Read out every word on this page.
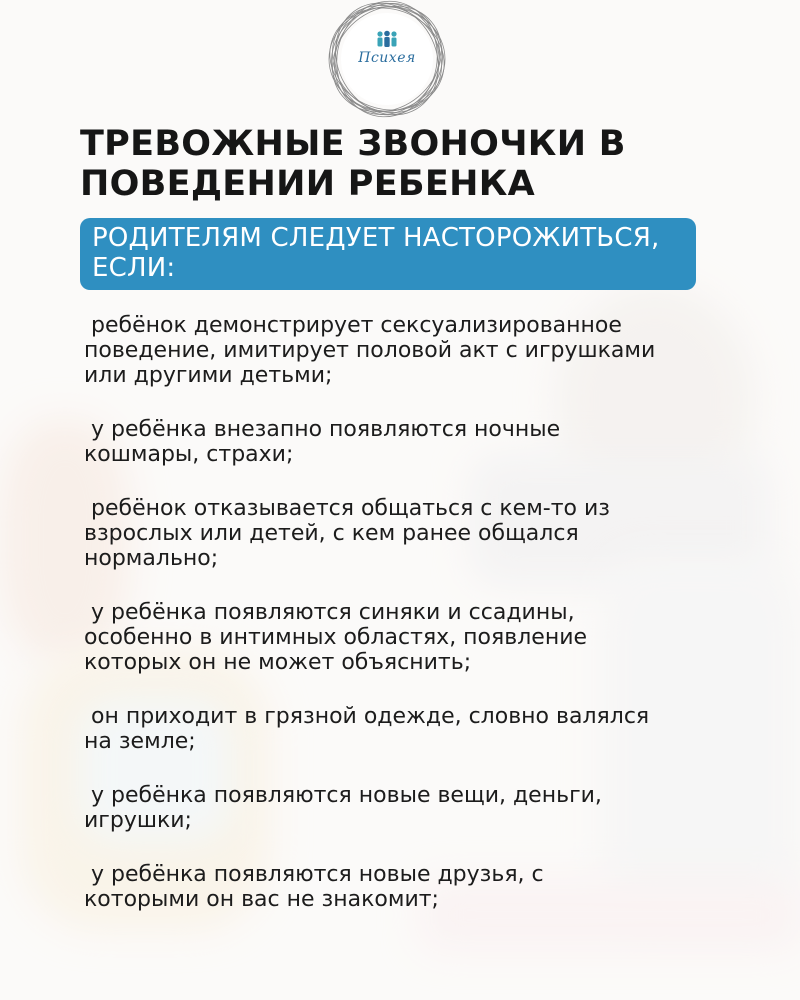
Психея
ТРЕВОЖНЫЕ ЗВОНОЧКИ В
ПОВЕДЕНИИ РЕБЕНКА

РОДИТЕЛЯМ СЛЕДУЕТ НАСТОРОЖИТЬСЯ,
ЕСЛИ:

ребёнок демонстрирует сексуализированное
поведение, имитирует половой акт с игрушками
или другими детьми;
у ребёнка внезапно появляются ночные
кошмары, страхи;
ребёнок отказывается общаться с кем-то из
взрослых или детей, с кем ранее общался
нормально;
у ребёнка появляются синяки и ссадины,
особенно в интимных областях, появление
которых он не может объяснить;
он приходит в грязной одежде, словно валялся
на земле;
у ребёнка появляются новые вещи, деньги,
игрушки;
у ребёнка появляются новые друзья, с
которыми он вас не знакомит;
